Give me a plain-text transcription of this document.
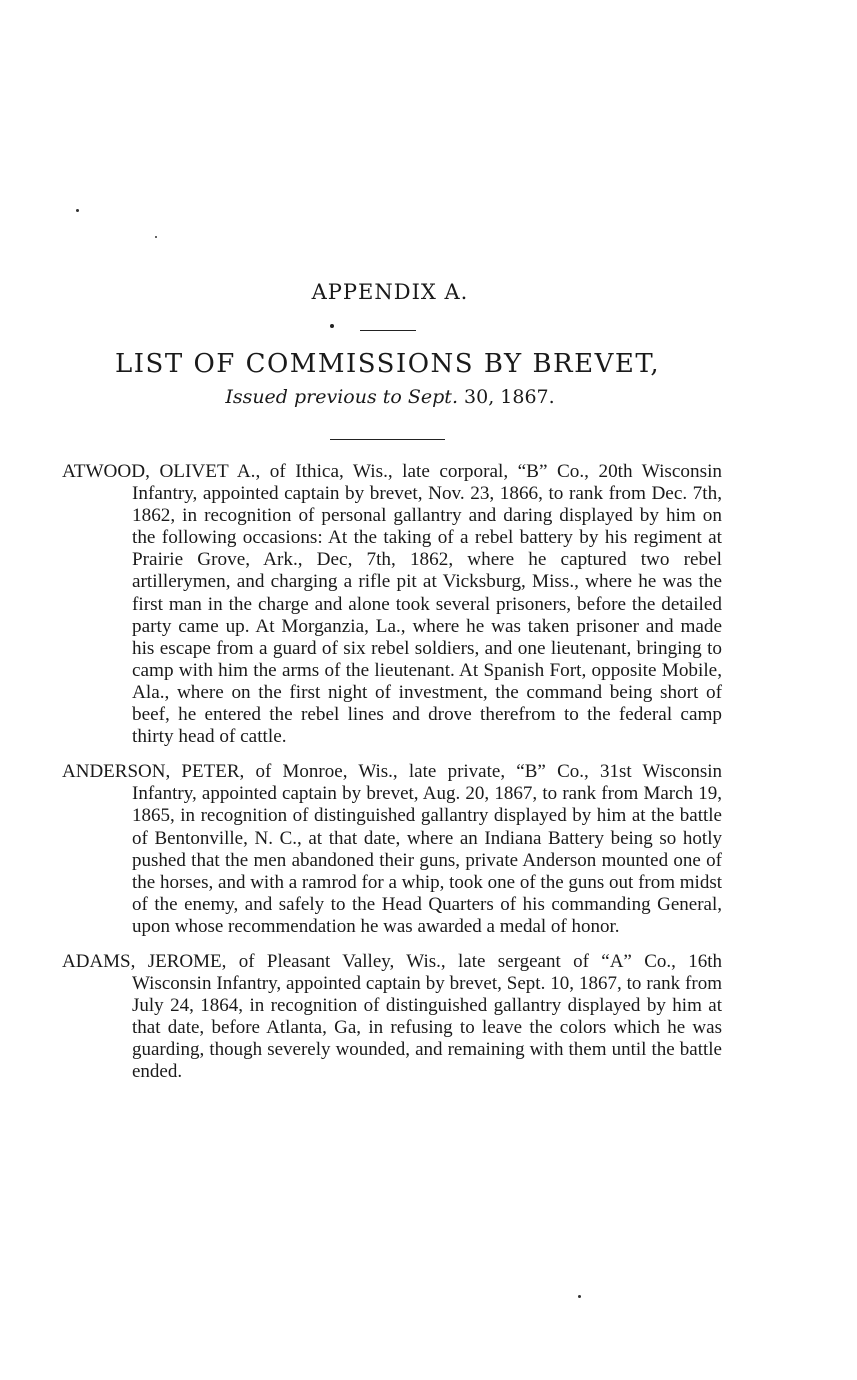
APPENDIX A.
LIST OF COMMISSIONS BY BREVET,
Issued previous to Sept. 30, 1867.

ATWOOD, OLIVET A., of Ithica, Wis., late corporal, “B” Co., 20th Wisconsin Infantry, appointed captain by brevet, Nov. 23, 1866, to rank from Dec. 7th, 1862, in recognition of personal gallantry and daring displayed by him on the following occasions: At the taking of a rebel battery by his regiment at Prairie Grove, Ark., Dec, 7th, 1862, where he captured two rebel artillerymen, and charging a rifle pit at Vicksburg, Miss., where he was the first man in the charge and alone took several prisoners, before the detailed party came up. At Morganzia, La., where he was taken prisoner and made his escape from a guard of six rebel soldiers, and one lieutenant, bringing to camp with him the arms of the lieutenant. At Spanish Fort, opposite Mobile, Ala., where on the first night of investment, the command being short of beef, he entered the rebel lines and drove therefrom to the federal camp thirty head of cattle.

ANDERSON, PETER, of Monroe, Wis., late private, “B” Co., 31st Wisconsin Infantry, appointed captain by brevet, Aug. 20, 1867, to rank from March 19, 1865, in recognition of distinguished gallantry displayed by him at the battle of Bentonville, N. C., at that date, where an Indiana Battery being so hotly pushed that the men abandoned their guns, private Anderson mounted one of the horses, and with a ramrod for a whip, took one of the guns out from midst of the enemy, and safely to the Head Quarters of his commanding General, upon whose recommendation he was awarded a medal of honor.

ADAMS, JEROME, of Pleasant Valley, Wis., late sergeant of “A” Co., 16th Wisconsin Infantry, appointed captain by brevet, Sept. 10, 1867, to rank from July 24, 1864, in recognition of distinguished gallantry displayed by him at that date, before Atlanta, Ga, in refusing to leave the colors which he was guarding, though severely wounded, and remaining with them until the battle ended.
